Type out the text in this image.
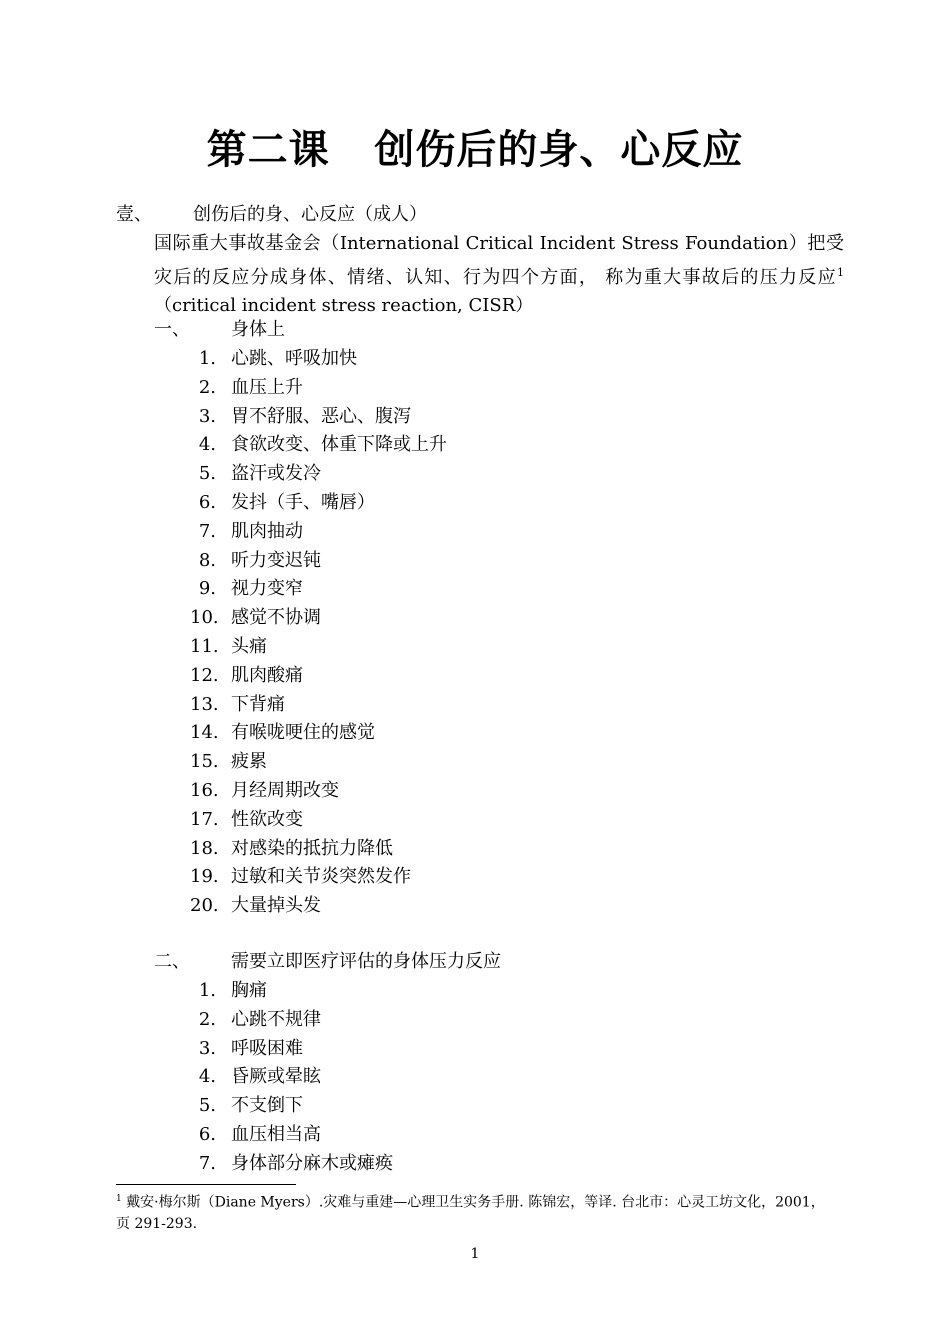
第二课   创伤后的身、心反应
壹、 创伤后的身、心反应（成人）
国际重大事故基金会（International Critical Incident Stress Foundation）把受灾后的反应分成身体、情绪、认知、行为四个方面， 称为重大事故后的压力反应$^1$（critical incident stress reaction, CISR）
一、 身体上
1. 心跳、呼吸加快
2. 血压上升
3. 胃不舒服、恶心、腹泻
4. 食欲改变、体重下降或上升
5. 盗汗或发冷
6. 发抖（手、嘴唇）
7. 肌肉抽动
8. 听力变迟钝
9. 视力变窄
10. 感觉不协调
11. 头痛
12. 肌肉酸痛
13. 下背痛
14. 有喉咙哽住的感觉
15. 疲累
16. 月经周期改变
17. 性欲改变
18. 对感染的抵抗力降低
19. 过敏和关节炎突然发作
20. 大量掉头发
二、 需要立即医疗评估的身体压力反应
1. 胸痛
2. 心跳不规律
3. 呼吸困难
4. 昏厥或晕眩
5. 不支倒下
6. 血压相当高
7. 身体部分麻木或瘫痪
$^1$ 戴安·梅尔斯（Diane Myers）.灾难与重建—心理卫生实务手册. 陈锦宏，等译. 台北市：心灵工坊文化，2001，页 291-293.
1
